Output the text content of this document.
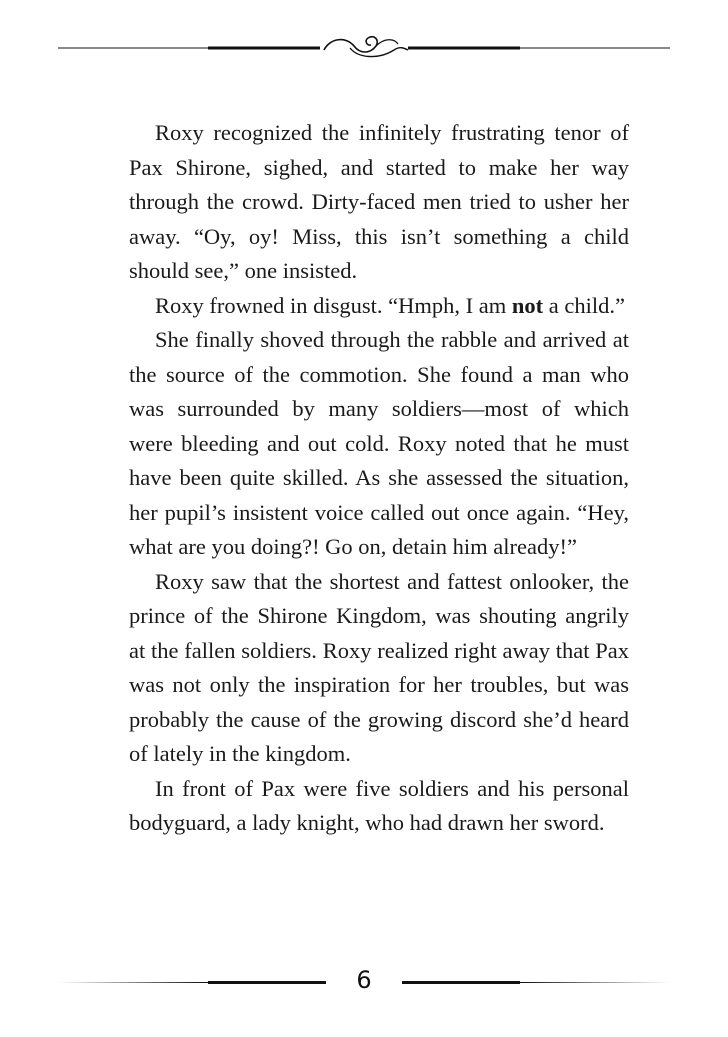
Roxy recognized the infinitely frustrating tenor of Pax Shirone, sighed, and started to make her way through the crowd. Dirty-faced men tried to usher her away. “Oy, oy! Miss, this isn’t something a child should see,” one insisted.

Roxy frowned in disgust. “Hmph, I am not a child.”

She finally shoved through the rabble and arrived at the source of the commotion. She found a man who was surrounded by many soldiers—most of which were bleeding and out cold. Roxy noted that he must have been quite skilled. As she assessed the situation, her pupil’s insistent voice called out once again. “Hey, what are you doing?! Go on, detain him already!”

Roxy saw that the shortest and fattest onlooker, the prince of the Shirone Kingdom, was shouting angrily at the fallen soldiers. Roxy realized right away that Pax was not only the inspiration for her troubles, but was probably the cause of the growing discord she’d heard of lately in the kingdom.

In front of Pax were five soldiers and his personal bodyguard, a lady knight, who had drawn her sword.

6
